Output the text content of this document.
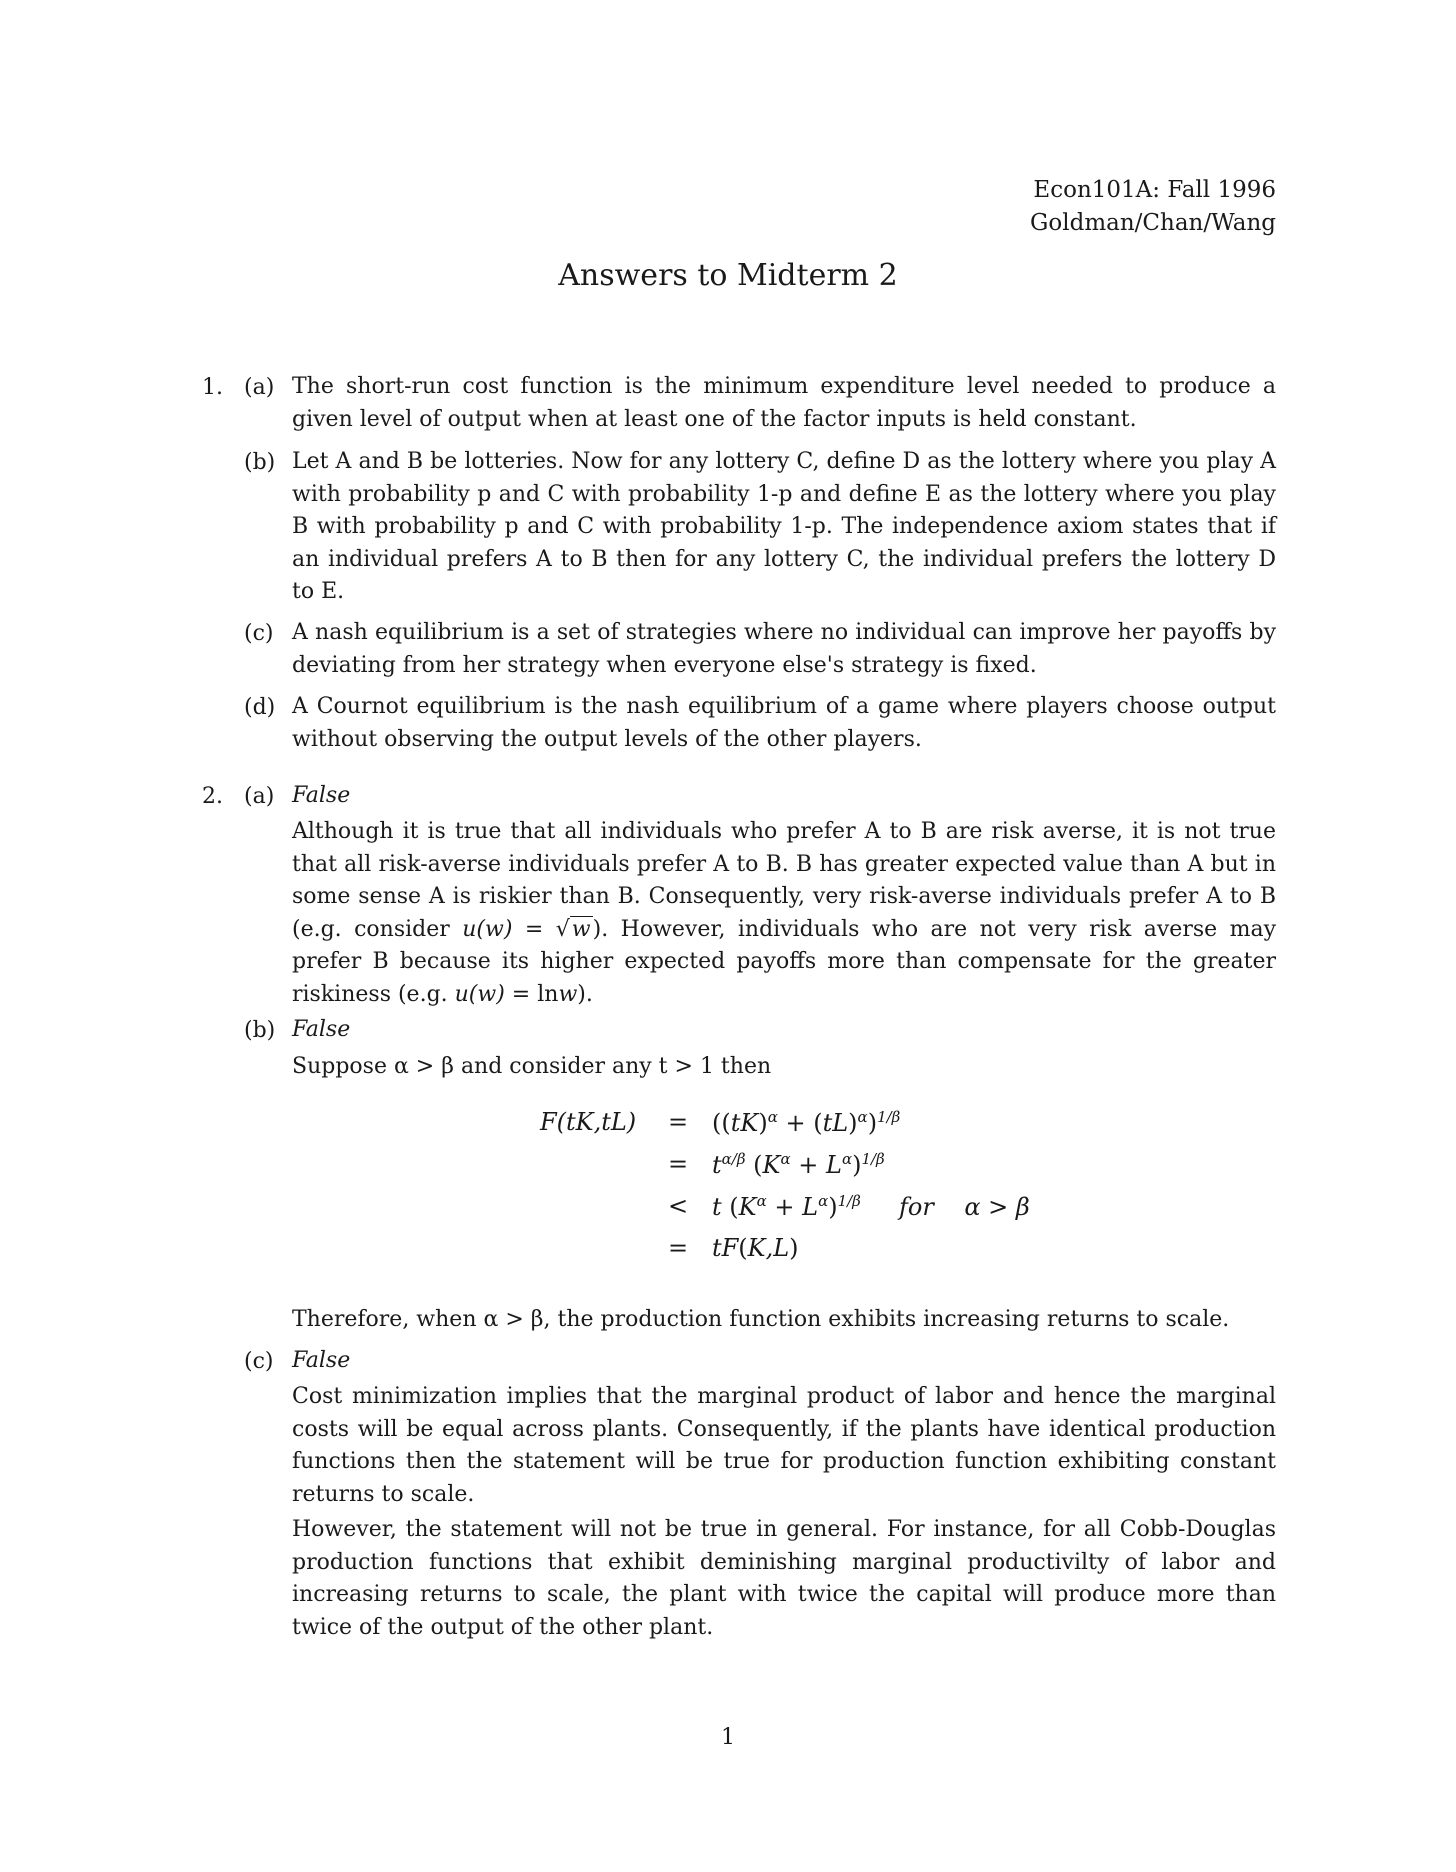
Econ101A: Fall 1996
Goldman/Chan/Wang
Answers to Midterm 2
1. (a) The short-run cost function is the minimum expenditure level needed to produce a given level of output when at least one of the factor inputs is held constant.

(b) Let A and B be lotteries. Now for any lottery C, define D as the lottery where you play A with probability p and C with probability 1-p and define E as the lottery where you play B with probability p and C with probability 1-p. The independence axiom states that if an individual prefers A to B then for any lottery C, the individual prefers the lottery D to E.

(c) A nash equilibrium is a set of strategies where no individual can improve her payoffs by deviating from her strategy when everyone else's strategy is fixed.

(d) A Cournot equilibrium is the nash equilibrium of a game where players choose output without observing the output levels of the other players.

2. (a) False

Although it is true that all individuals who prefer A to B are risk averse, it is not true that all risk-averse individuals prefer A to B. B has greater expected value than A but in some sense A is riskier than B. Consequently, very risk-averse individuals prefer A to B (e.g. consider u(w) = √w). However, individuals who are not very risk averse may prefer B because its higher expected payoffs more than compensate for the greater riskiness (e.g. u(w) = lnw).

(b) False
Suppose α > β and consider any t > 1 then
$F(tK,tL) = ((tK)^\alpha + (tL)^\alpha)^{1/\beta}$
= $t^{\alpha/\beta}$ $(K^\alpha + L^\alpha)^{1/\beta}$
< t $(K^\alpha + L^\alpha)^{1/\beta}$     for    α > β
= tF(K,L)
Therefore, when α > β, the production function exhibits increasing returns to scale.
(c) False

Cost minimization implies that the marginal product of labor and hence the marginal costs will be equal across plants. Consequently, if the plants have identical production functions then the statement will be true for production function exhibiting constant returns to scale.

However, the statement will not be true in general. For instance, for all Cobb-Douglas production functions that exhibit deminishing marginal productivilty of labor and increasing returns to scale, the plant with twice the capital will produce more than twice of the output of the other plant.

1
